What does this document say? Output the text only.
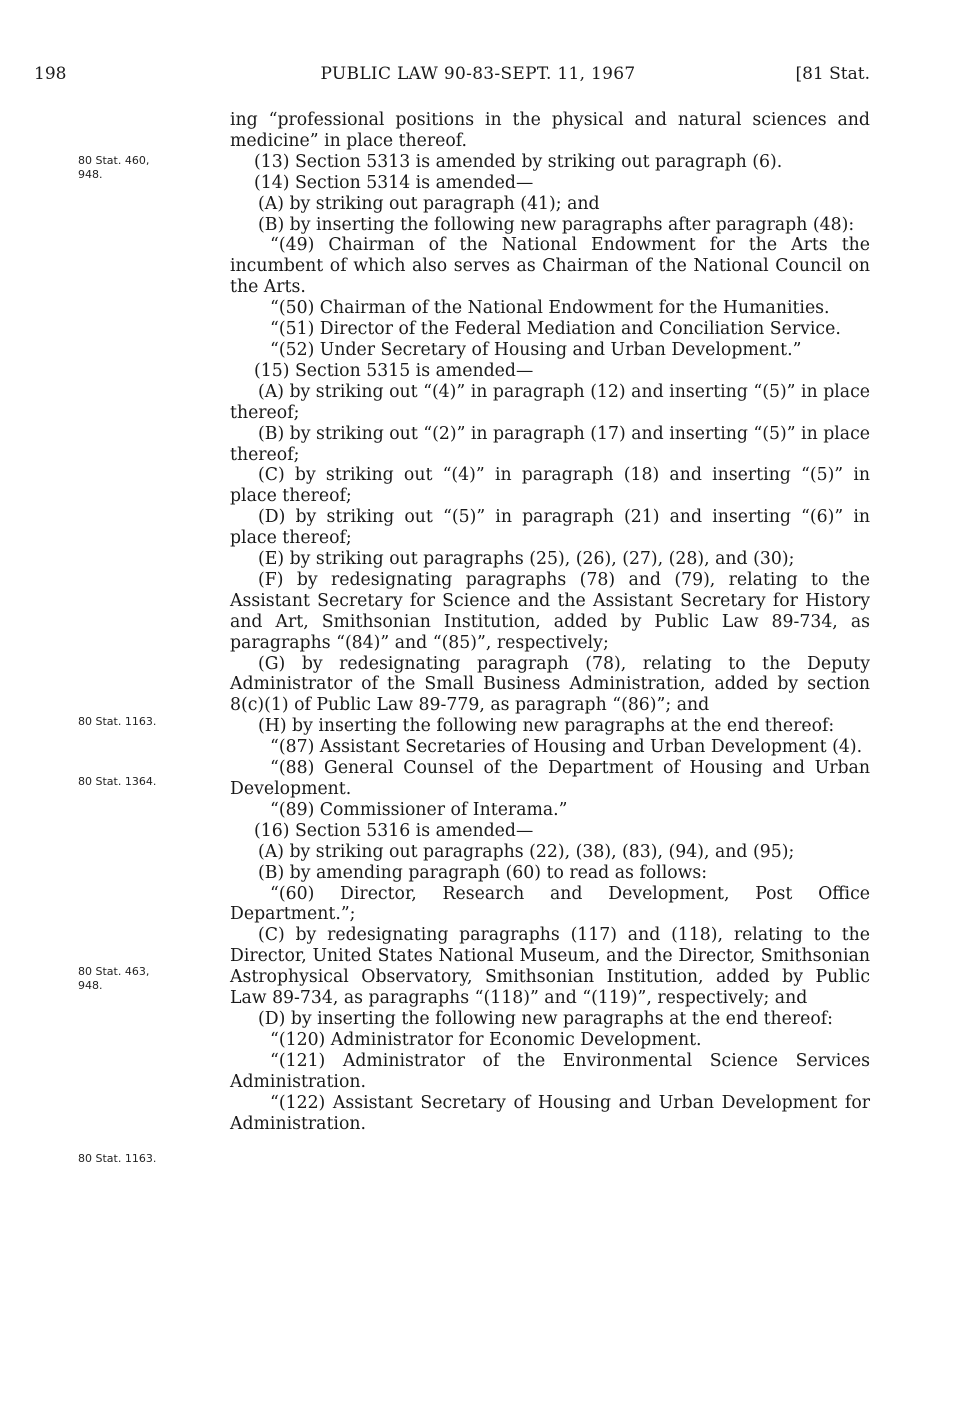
198	PUBLIC LAW 90-83-SEPT. 11, 1967	[81 Stat.
80 Stat. 460,
948.
80 Stat. 1163.
80 Stat. 1364.
80 Stat. 463,
948.
80 Stat. 1163.

ing “professional positions in the physical and natural sciences and medicine” in place thereof.

(13) Section 5313 is amended by striking out paragraph (6).

(14) Section 5314 is amended—

(A) by striking out paragraph (41); and

(B) by inserting the following new paragraphs after paragraph (48):

“(49) Chairman of the National Endowment for the Arts the incumbent of which also serves as Chairman of the National Council on the Arts.

“(50) Chairman of the National Endowment for the Humanities.

“(51) Director of the Federal Mediation and Conciliation Service.

“(52) Under Secretary of Housing and Urban Development.”

(15) Section 5315 is amended—

(A) by striking out “(4)” in paragraph (12) and inserting “(5)” in place thereof;

(B) by striking out “(2)” in paragraph (17) and inserting “(5)” in place thereof;

(C) by striking out “(4)” in paragraph (18) and inserting “(5)” in place thereof;

(D) by striking out “(5)” in paragraph (21) and inserting “(6)” in place thereof;

(E) by striking out paragraphs (25), (26), (27), (28), and (30);

(F) by redesignating paragraphs (78) and (79), relating to the Assistant Secretary for Science and the Assistant Secretary for History and Art, Smithsonian Institution, added by Public Law 89-734, as paragraphs “(84)” and “(85)”, respectively;

(G) by redesignating paragraph (78), relating to the Deputy Administrator of the Small Business Administration, added by section 8(c)(1) of Public Law 89-779, as paragraph “(86)”; and

(H) by inserting the following new paragraphs at the end thereof:

“(87) Assistant Secretaries of Housing and Urban Development (4).

“(88) General Counsel of the Department of Housing and Urban Development.

“(89) Commissioner of Interama.”

(16) Section 5316 is amended—

(A) by striking out paragraphs (22), (38), (83), (94), and (95);

(B) by amending paragraph (60) to read as follows:

“(60) Director, Research and Development, Post Office Department.”;

(C) by redesignating paragraphs (117) and (118), relating to the Director, United States National Museum, and the Director, Smithsonian Astrophysical Observatory, Smithsonian Institution, added by Public Law 89-734, as paragraphs “(118)” and “(119)”, respectively; and

(D) by inserting the following new paragraphs at the end thereof:

“(120) Administrator for Economic Development.

“(121) Administrator of the Environmental Science Services Administration.

“(122) Assistant Secretary of Housing and Urban Development for Administration.
